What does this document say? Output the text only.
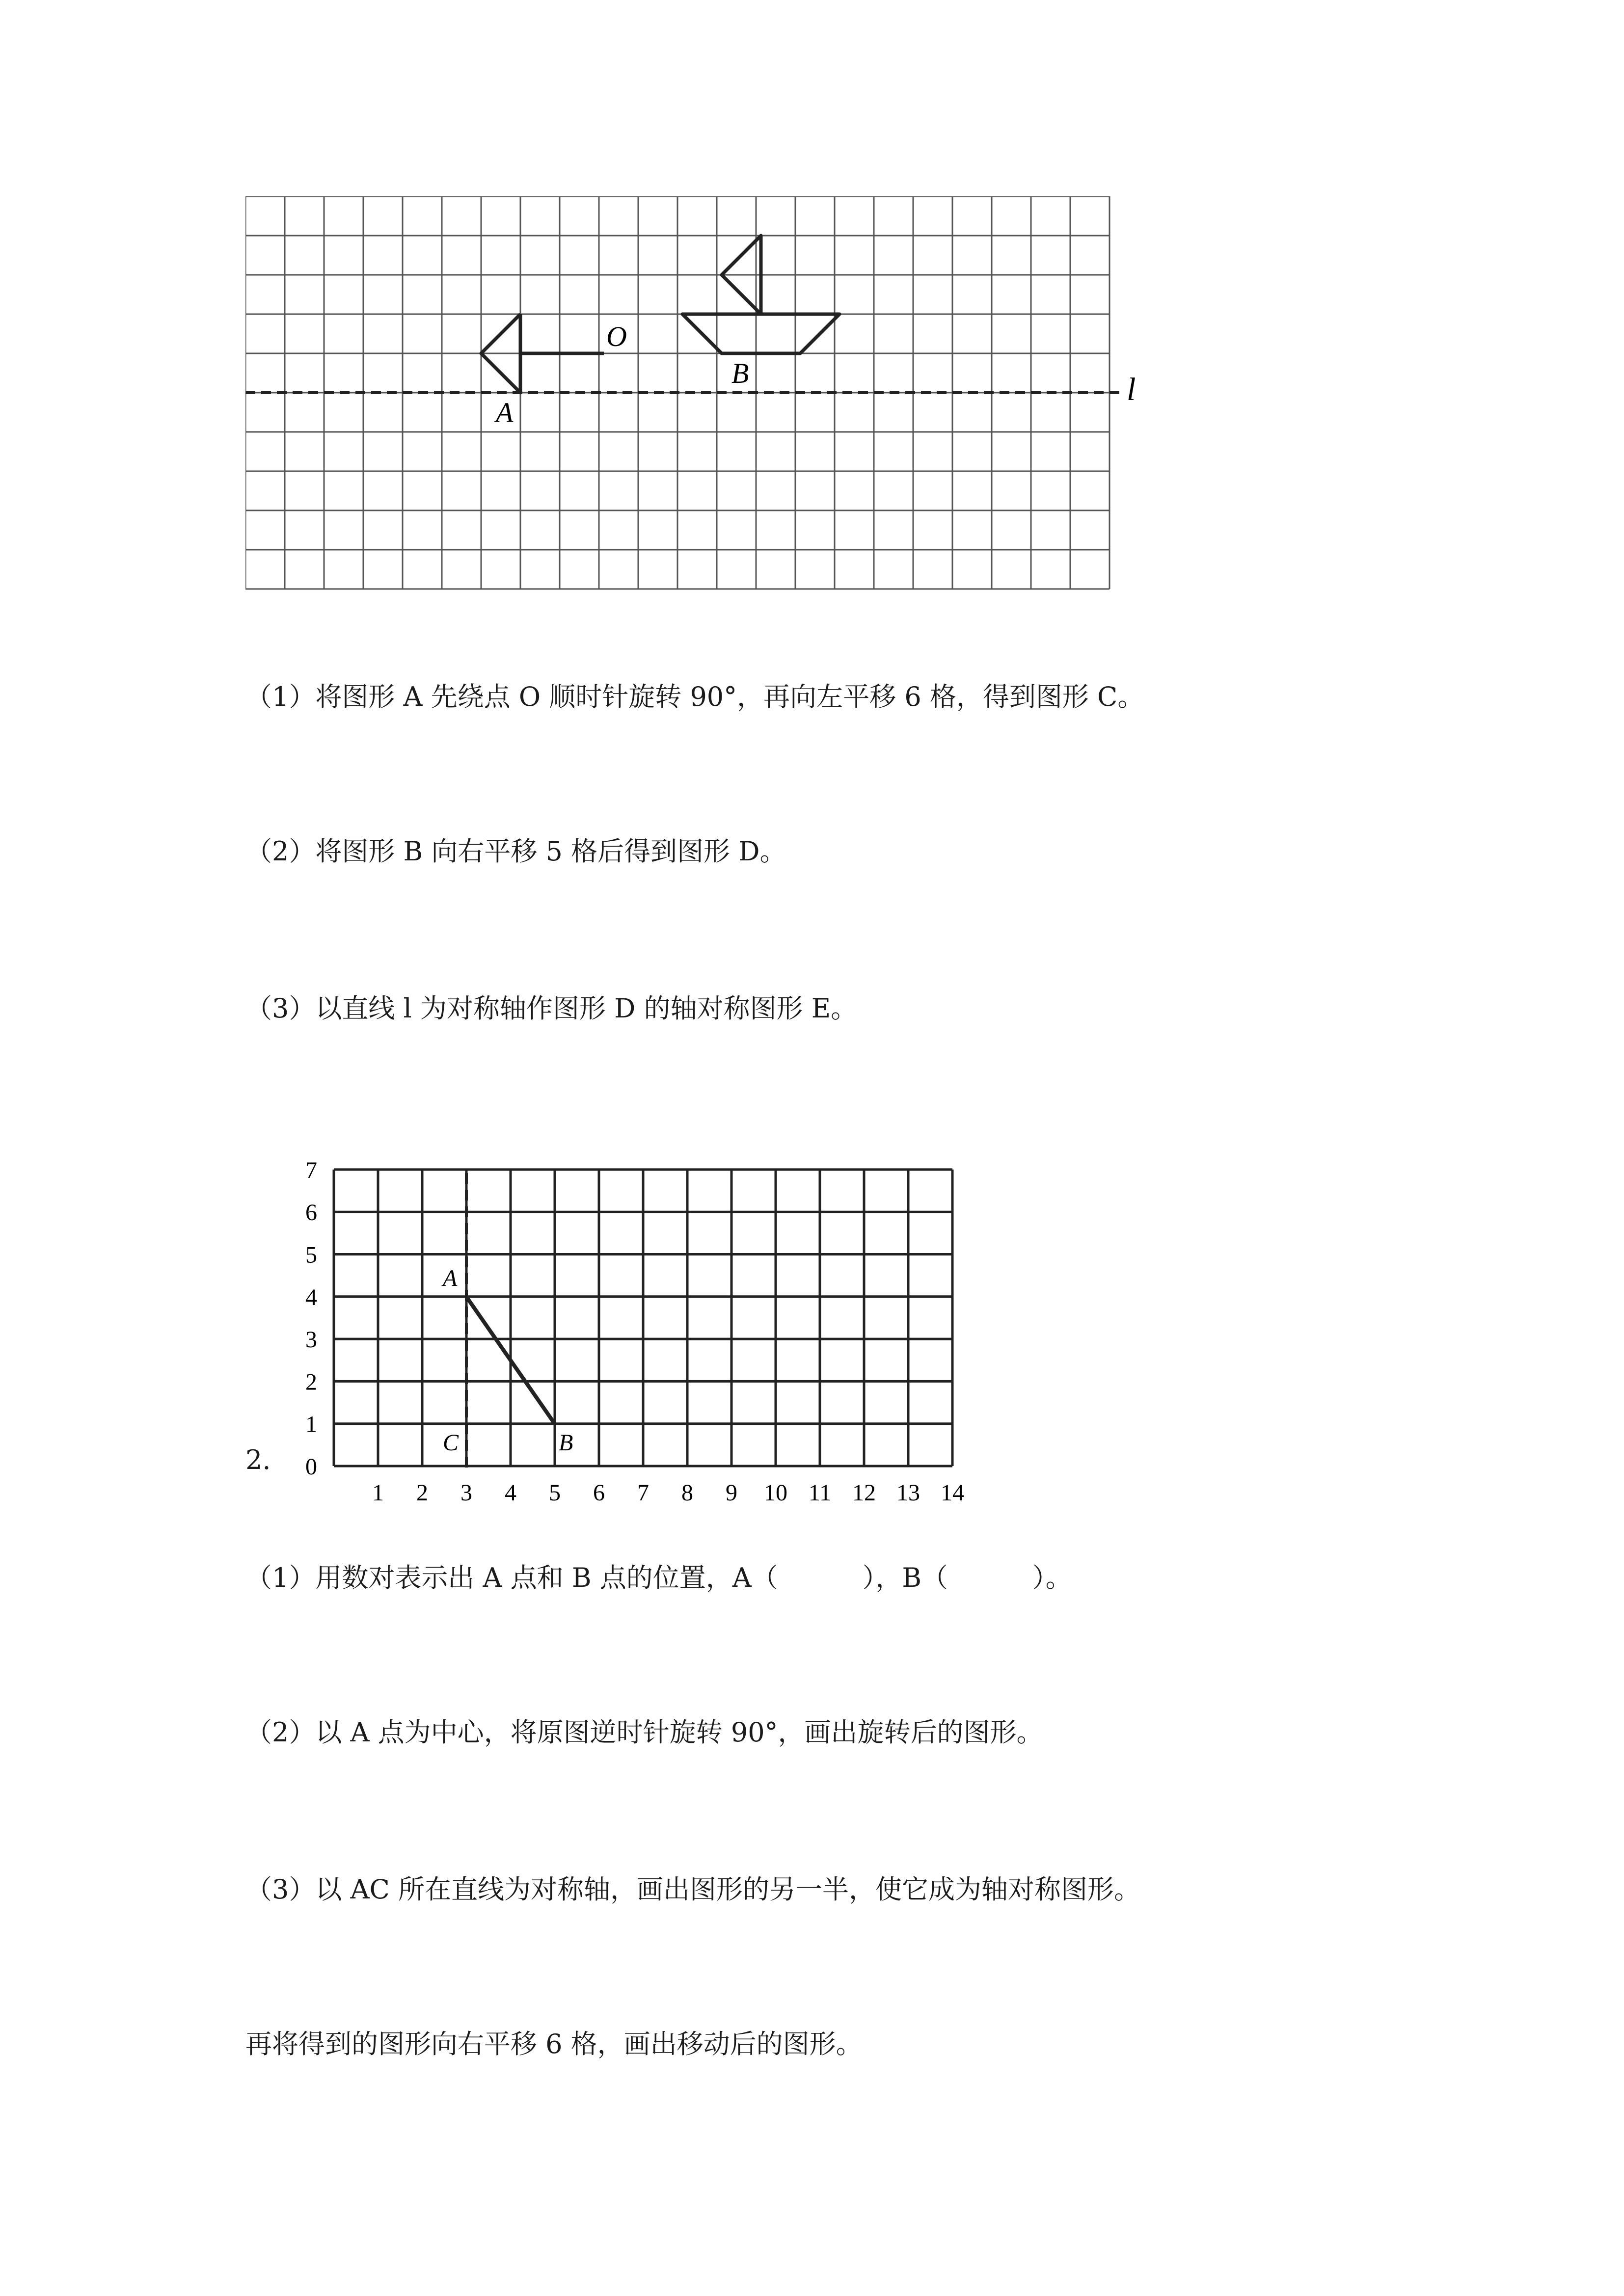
O
A
B	l
（1）将图形 A 先绕点 O 顺时针旋转 90°，再向左平移 6 格，得到图形 C。
（2）将图形 B 向右平移 5 格后得到图形 D。
（3）以直线 l 为对称轴作图形 D 的轴对称图形 E。
2. 0
1
2
3
4
5
6
7
1 2 3 4 5 6 7 8 9 10 11 12 13 14
A
B
C
（1）用数对表示出 A 点和 B 点的位置，A（          ），B（          ）。
（2）以 A 点为中心，将原图逆时针旋转 90°，画出旋转后的图形。
（3）以 AC 所在直线为对称轴，画出图形的另一半，使它成为轴对称图形。
再将得到的图形向右平移 6 格，画出移动后的图形。
